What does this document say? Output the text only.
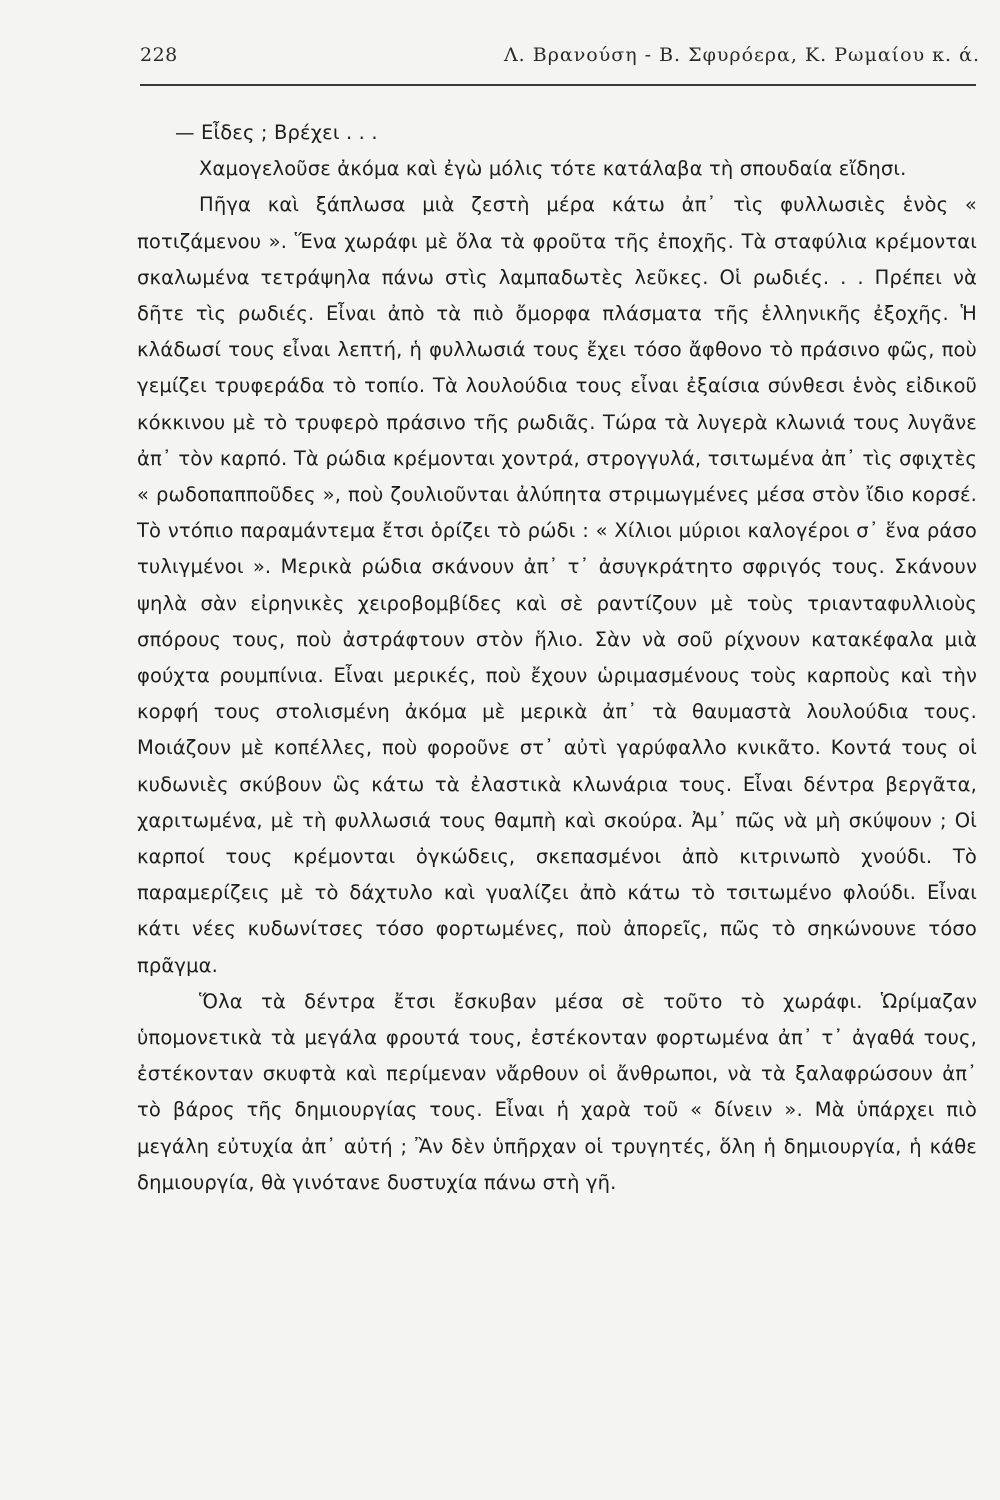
228	Λ. Βρανούση - Β. Σφυρόερα, Κ. Ρωμαίου κ. ά.

— Εἶδες ; Βρέχει . . .

Χαμογελοῦσε ἀκόμα καὶ ἐγὼ μόλις τότε κατάλαβα τὴ σπουδαία εἴδησι.

Πῆγα καὶ ξάπλωσα μιὰ ζεστὴ μέρα κάτω ἀπ᾿ τὶς φυλλωσιὲς ἑνὸς « ποτιζάμενου ». Ἕνα χωράφι μὲ ὅλα τὰ φροῦτα τῆς ἐποχῆς. Τὰ σταφύλια κρέμονται σκαλωμένα τετράψηλα πάνω στὶς λαμπαδωτὲς λεῦκες. Οἱ ρωδιές. . . Πρέπει νὰ δῆτε τὶς ρωδιές. Εἶναι ἀπὸ τὰ πιὸ ὄμορφα πλάσματα τῆς ἑλληνικῆς ἐξοχῆς. Ἡ κλάδωσί τους εἶναι λεπτή, ἡ φυλλωσιά τους ἔχει τόσο ἄφθονο τὸ πράσινο φῶς, ποὺ γεμίζει τρυφεράδα τὸ τοπίο. Τὰ λουλούδια τους εἶναι ἐξαίσια σύνθεσι ἑνὸς εἰδικοῦ κόκκινου μὲ τὸ τρυφερὸ πράσινο τῆς ρωδιᾶς. Τώρα τὰ λυγερὰ κλωνιά τους λυγᾶνε ἀπ᾿ τὸν καρπό. Τὰ ρώδια κρέμονται χοντρά, στρογγυλά, τσιτωμένα ἀπ᾿ τὶς σφιχτὲς « ρωδοπαπποῦδες », ποὺ ζουλιοῦνται ἀλύπητα στριμωγμένες μέσα στὸν ἴδιο κορσέ. Τὸ ντόπιο παραμάντεμα ἔτσι ὁρίζει τὸ ρώδι : « Χίλιοι μύριοι καλογέροι σ᾿ ἕνα ράσο τυλιγμένοι ». Μερικὰ ρώδια σκάνουν ἀπ᾿ τ᾿ ἀσυγκράτητο σφριγός τους. Σκάνουν ψηλὰ σὰν εἰρηνικὲς χειροβομβίδες καὶ σὲ ραντίζουν μὲ τοὺς τριανταφυλλιοὺς σπόρους τους, ποὺ ἀστράφτουν στὸν ἥλιο. Σὰν νὰ σοῦ ρίχνουν κατακέφαλα μιὰ φούχτα ρουμπίνια. Εἶναι μερικές, ποὺ ἔχουν ὡριμασμένους τοὺς καρποὺς καὶ τὴν κορφή τους στολισμένη ἀκόμα μὲ μερικὰ ἀπ᾿ τὰ θαυμαστὰ λουλούδια τους. Μοιάζουν μὲ κοπέλλες, ποὺ φοροῦνε στ᾿ αὐτὶ γαρύφαλλο κνικᾶτο. Κοντά τους οἱ κυδωνιὲς σκύβουν ὣς κάτω τὰ ἐλαστικὰ κλωνάρια τους. Εἶναι δέντρα βεργᾶτα, χαριτωμένα, μὲ τὴ φυλλωσιά τους θαμπὴ καὶ σκούρα. Ἀμ᾿ πῶς νὰ μὴ σκύψουν ; Οἱ καρποί τους κρέμονται ὀγκώδεις, σκεπασμένοι ἀπὸ κιτρινωπὸ χνούδι. Τὸ παραμερίζεις μὲ τὸ δάχτυλο καὶ γυαλίζει ἀπὸ κάτω τὸ τσιτωμένο φλούδι. Εἶναι κάτι νέες κυδωνίτσες τόσο φορτωμένες, ποὺ ἀπορεῖς, πῶς τὸ σηκώνουνε τόσο πρᾶγμα.

Ὅλα τὰ δέντρα ἔτσι ἔσκυβαν μέσα σὲ τοῦτο τὸ χωράφι. Ὡρίμαζαν ὑπομονετικὰ τὰ μεγάλα φρουτά τους, ἐστέκονταν φορτωμένα ἀπ᾿ τ᾿ ἀγαθά τους, ἐστέκονταν σκυφτὰ καὶ περίμεναν νἄρθουν οἱ ἄνθρωποι, νὰ τὰ ξαλαφρώσουν ἀπ᾿ τὸ βάρος τῆς δημιουργίας τους. Εἶναι ἡ χαρὰ τοῦ « δίνειν ». Μὰ ὑπάρχει πιὸ μεγάλη εὐτυχία ἀπ᾿ αὐτή ; Ἂν δὲν ὑπῆρχαν οἱ τρυγητές, ὅλη ἡ δημιουργία, ἡ κάθε δημιουργία, θὰ γινότανε δυστυχία πάνω στὴ γῆ.
